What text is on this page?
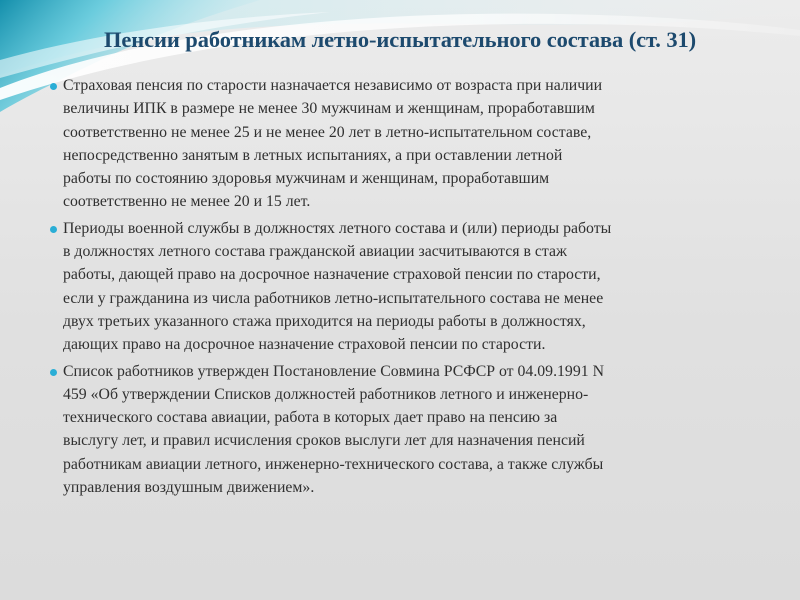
Пенсии работникам летно-испытательного состава (ст. 31)
Страховая пенсия по старости назначается независимо от возраста при наличии
величины ИПК в размере не менее 30 мужчинам и женщинам, проработавшим
соответственно не менее 25 и не менее 20 лет в летно-испытательном составе,
непосредственно занятым в летных испытаниях, а при оставлении летной
работы по состоянию здоровья мужчинам и женщинам, проработавшим
соответственно не менее 20 и 15 лет.
Периоды военной службы в должностях летного состава и (или) периоды работы
в должностях летного состава гражданской авиации засчитываются в стаж
работы, дающей право на досрочное назначение страховой пенсии по старости,
если у гражданина из числа работников летно-испытательного состава не менее
двух третьих указанного стажа приходится на периоды работы в должностях,
дающих право на досрочное назначение страховой пенсии по старости.
Список работников утвержден Постановление Совмина РСФСР от 04.09.1991 N
459 «Об утверждении Списков должностей работников летного и инженерно-
технического состава авиации, работа в которых дает право на пенсию за
выслугу лет, и правил исчисления сроков выслуги лет для назначения пенсий
работникам авиации летного, инженерно-технического состава, а также службы
управления воздушным движением».
